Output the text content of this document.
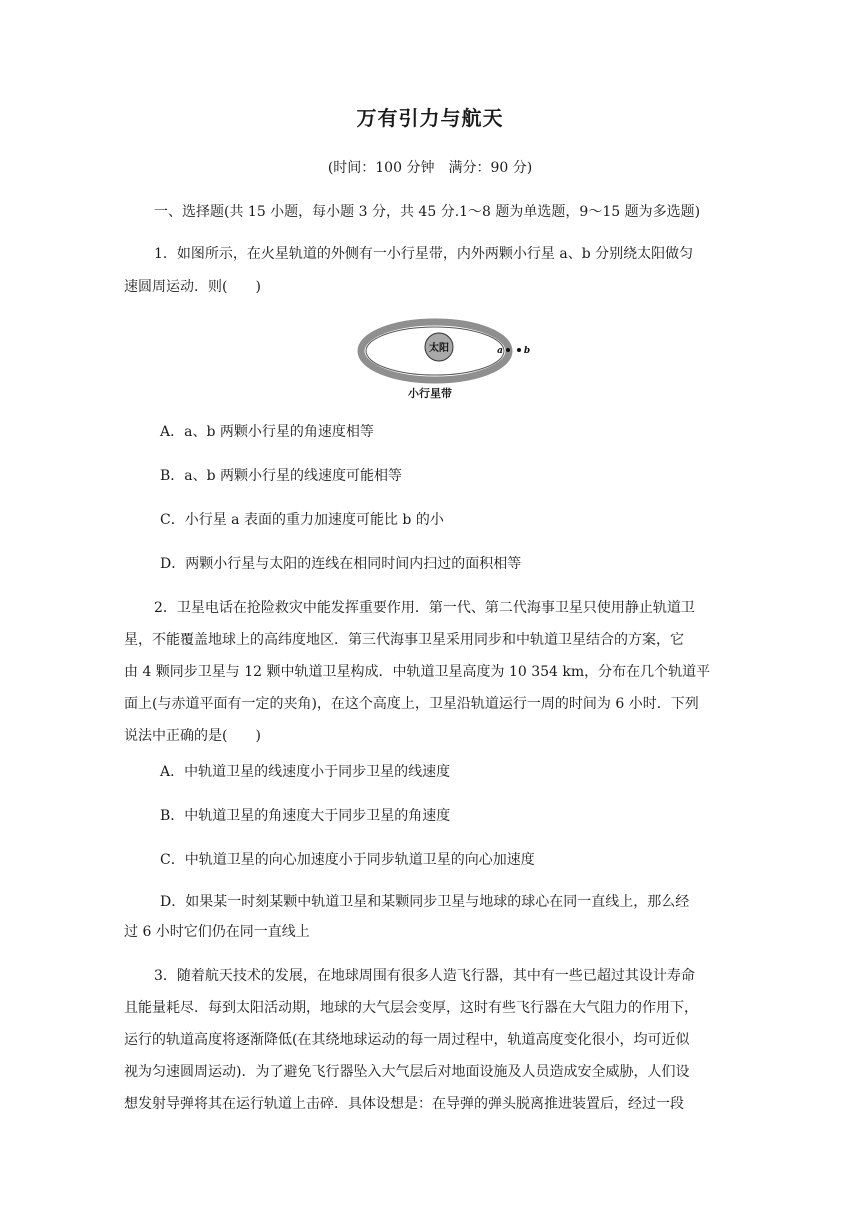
万有引力与航天
(时间：100 分钟　满分：90 分)
一、选择题(共 15 小题，每小题 3 分，共 45 分.1～8 题为单选题，9～15 题为多选题)
1．如图所示，在火星轨道的外侧有一小行星带，内外两颗小行星 a、b 分别绕太阳做匀
速圆周运动．则(　　)
太阳	a b
小行星带
A．a、b 两颗小行星的角速度相等
B．a、b 两颗小行星的线速度可能相等
C．小行星 a 表面的重力加速度可能比 b 的小
D．两颗小行星与太阳的连线在相同时间内扫过的面积相等
2．卫星电话在抢险救灾中能发挥重要作用．第一代、第二代海事卫星只使用静止轨道卫
星，不能覆盖地球上的高纬度地区．第三代海事卫星采用同步和中轨道卫星结合的方案，它
由 4 颗同步卫星与 12 颗中轨道卫星构成．中轨道卫星高度为 10 354 km，分布在几个轨道平
面上(与赤道平面有一定的夹角)，在这个高度上，卫星沿轨道运行一周的时间为 6 小时．下列
说法中正确的是(　　)
A．中轨道卫星的线速度小于同步卫星的线速度
B．中轨道卫星的角速度大于同步卫星的角速度
C．中轨道卫星的向心加速度小于同步轨道卫星的向心加速度
D．如果某一时刻某颗中轨道卫星和某颗同步卫星与地球的球心在同一直线上，那么经
过 6 小时它们仍在同一直线上
3．随着航天技术的发展，在地球周围有很多人造飞行器，其中有一些已超过其设计寿命
且能量耗尽．每到太阳活动期，地球的大气层会变厚，这时有些飞行器在大气阻力的作用下，
运行的轨道高度将逐渐降低(在其绕地球运动的每一周过程中，轨道高度变化很小，均可近似
视为匀速圆周运动)．为了避免飞行器坠入大气层后对地面设施及人员造成安全威胁，人们设
想发射导弹将其在运行轨道上击碎．具体设想是：在导弹的弹头脱离推进装置后，经过一段
